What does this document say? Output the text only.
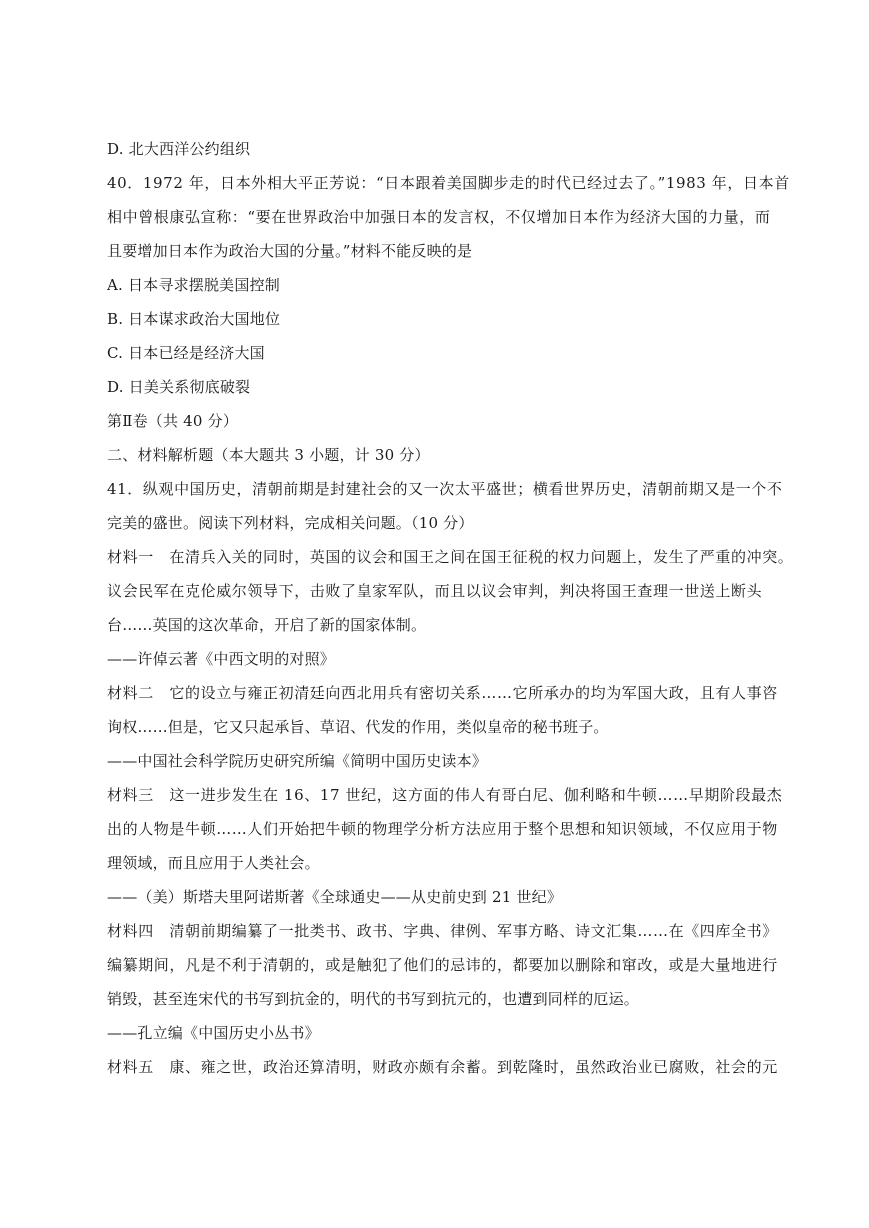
D. 北大西洋公约组织
40．1972 年，日本外相大平正芳说：“日本跟着美国脚步走的时代已经过去了。”1983 年，日本首
相中曾根康弘宣称：“要在世界政治中加强日本的发言权，不仅增加日本作为经济大国的力量，而
且要增加日本作为政治大国的分量。”材料不能反映的是
A. 日本寻求摆脱美国控制
B. 日本谋求政治大国地位
C. 日本已经是经济大国
D. 日美关系彻底破裂
第Ⅱ卷（共 40 分）
二、材料解析题（本大题共 3 小题，计 30 分）
41．纵观中国历史，清朝前期是封建社会的又一次太平盛世；横看世界历史，清朝前期又是一个不
完美的盛世。阅读下列材料，完成相关问题。（10 分）
材料一　在清兵入关的同时，英国的议会和国王之间在国王征税的权力问题上，发生了严重的冲突。
议会民军在克伦威尔领导下，击败了皇家军队，而且以议会审判，判决将国王查理一世送上断头
台……英国的这次革命，开启了新的国家体制。
——许倬云著《中西文明的对照》
材料二　它的设立与雍正初清廷向西北用兵有密切关系……它所承办的均为军国大政，且有人事咨
询权……但是，它又只起承旨、草诏、代发的作用，类似皇帝的秘书班子。
——中国社会科学院历史研究所编《简明中国历史读本》
材料三　这一进步发生在 16、17 世纪，这方面的伟人有哥白尼、伽利略和牛顿……早期阶段最杰
出的人物是牛顿……人们开始把牛顿的物理学分析方法应用于整个思想和知识领域，不仅应用于物
理领域，而且应用于人类社会。
——（美）斯塔夫里阿诺斯著《全球通史——从史前史到 21 世纪》
材料四　清朝前期编纂了一批类书、政书、字典、律例、军事方略、诗文汇集……在《四库全书》
编纂期间，凡是不利于清朝的，或是触犯了他们的忌讳的，都要加以删除和窜改，或是大量地进行
销毁，甚至连宋代的书写到抗金的，明代的书写到抗元的，也遭到同样的厄运。
——孔立编《中国历史小丛书》
材料五　康、雍之世，政治还算清明，财政亦颇有余蓄。到乾隆时，虽然政治业已腐败，社会的元
